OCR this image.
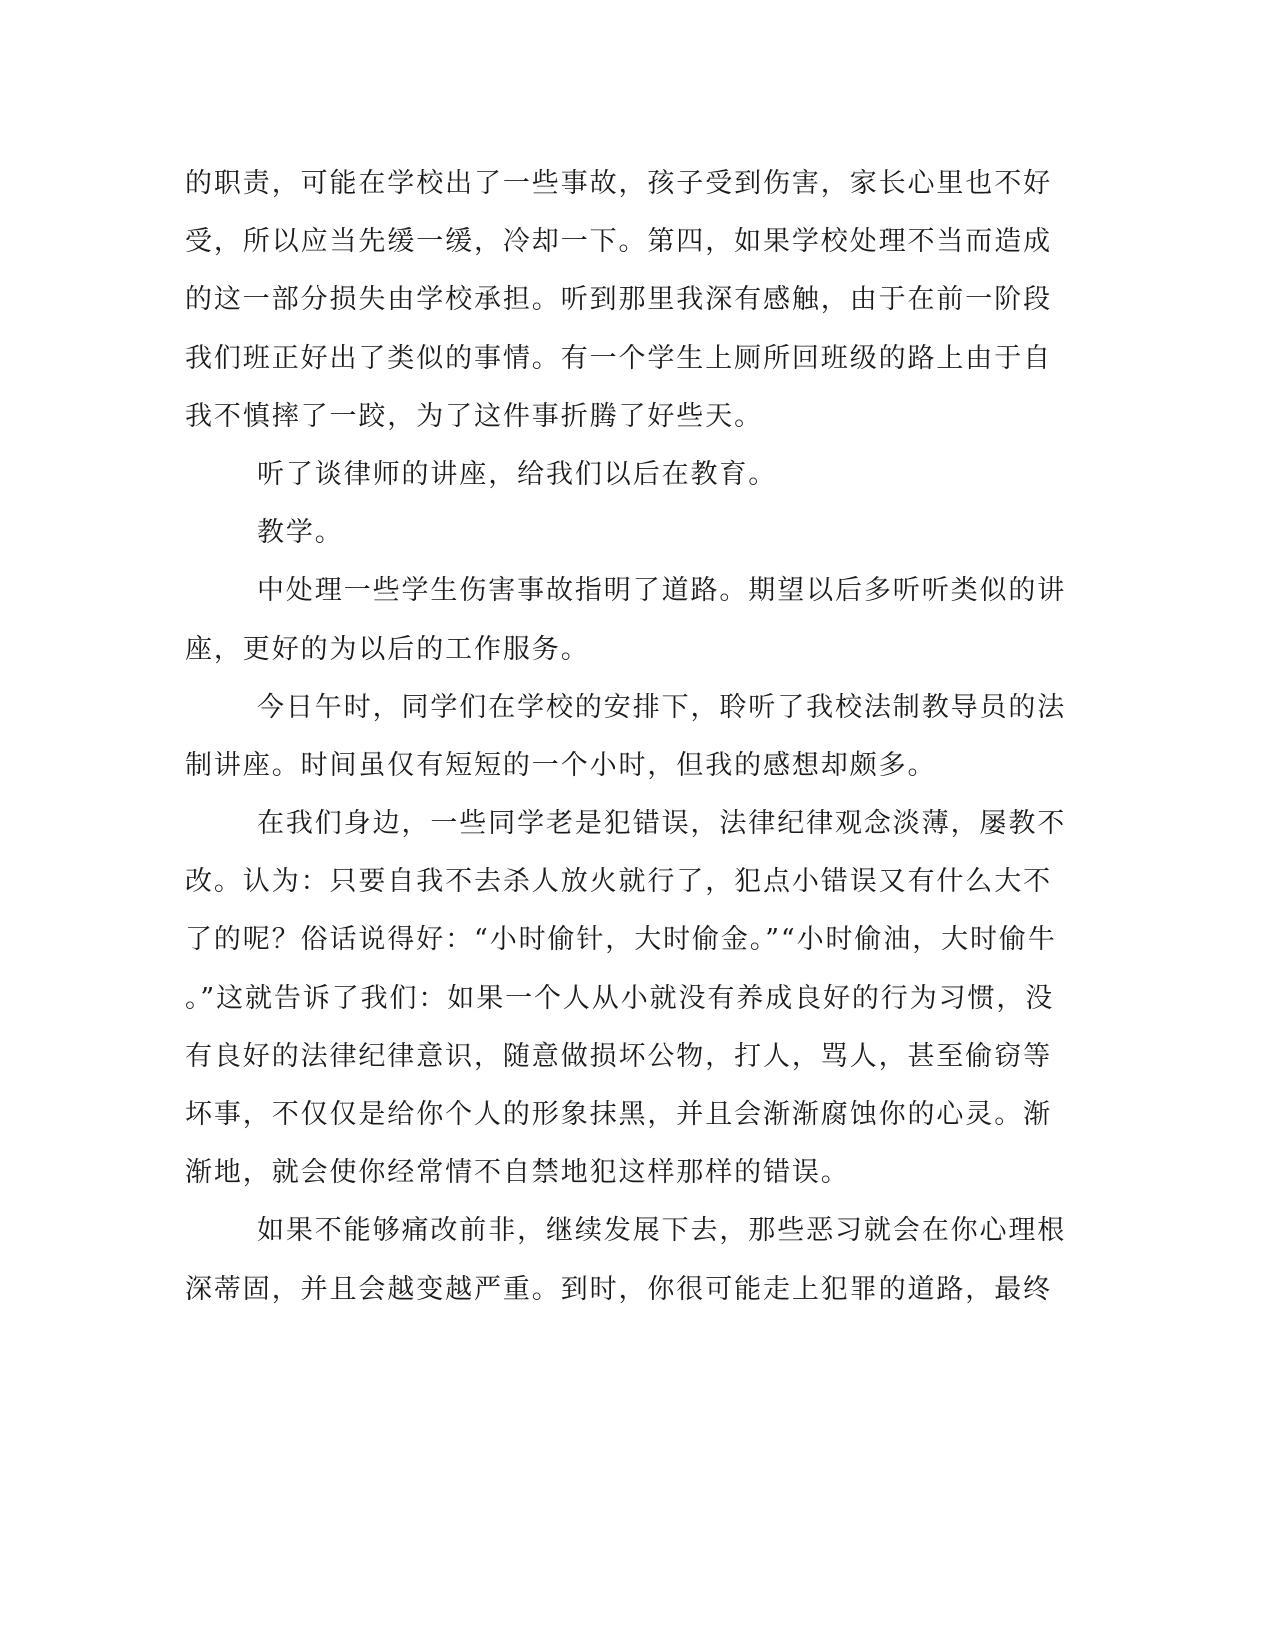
的职责，可能在学校出了一些事故，孩子受到伤害，家长心里也不好
受，所以应当先缓一缓，冷却一下。第四，如果学校处理不当而造成
的这一部分损失由学校承担。听到那里我深有感触，由于在前一阶段
我们班正好出了类似的事情。有一个学生上厕所回班级的路上由于自
我不慎摔了一跤，为了这件事折腾了好些天。
听了谈律师的讲座，给我们以后在教育。
教学。
中处理一些学生伤害事故指明了道路。期望以后多听听类似的讲
座，更好的为以后的工作服务。
今日午时，同学们在学校的安排下，聆听了我校法制教导员的法
制讲座。时间虽仅有短短的一个小时，但我的感想却颇多。
在我们身边，一些同学老是犯错误，法律纪律观念淡薄，屡教不
改。认为：只要自我不去杀人放火就行了，犯点小错误又有什么大不
了的呢？俗话说得好：“小时偷针，大时偷金。”“小时偷油，大时偷牛
。”这就告诉了我们：如果一个人从小就没有养成良好的行为习惯，没
有良好的法律纪律意识，随意做损坏公物，打人，骂人，甚至偷窃等
坏事，不仅仅是给你个人的形象抹黑，并且会渐渐腐蚀你的心灵。渐
渐地，就会使你经常情不自禁地犯这样那样的错误。
如果不能够痛改前非，继续发展下去，那些恶习就会在你心理根
深蒂固，并且会越变越严重。到时，你很可能走上犯罪的道路，最终
